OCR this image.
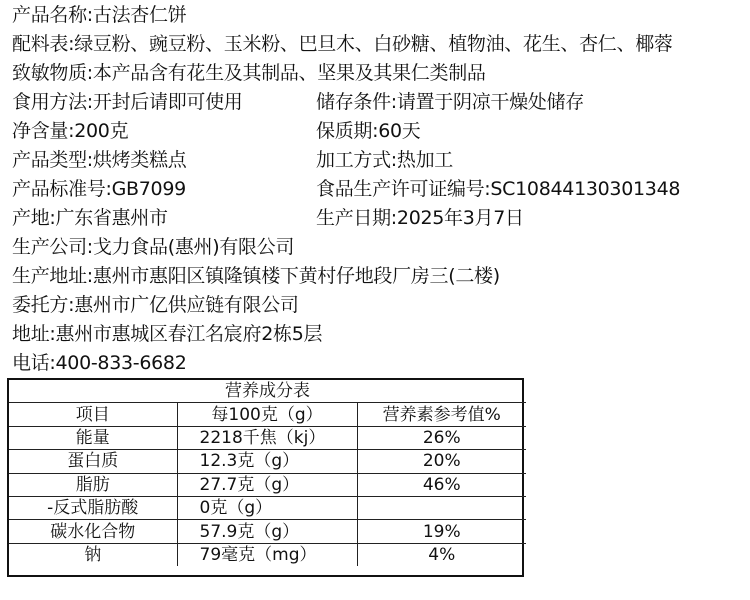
产品名称:古法杏仁饼
配料表:绿豆粉、豌豆粉、玉米粉、巴旦木、白砂糖、植物油、花生、杏仁、椰蓉
致敏物质:本产品含有花生及其制品、坚果及其果仁类制品
食用方法:开封后请即可使用	储存条件:请置于阴凉干燥处储存
净含量:200克	保质期:60天
产品类型:烘烤类糕点	加工方式:热加工
产品标准号:GB7099	食品生产许可证编号:SC10844130301348
产地:广东省惠州市	生产日期:2025年3月7日
生产公司:戈力食品(惠州)有限公司
生产地址:惠州市惠阳区镇隆镇楼下黄村仔地段厂房三(二楼)
委托方:惠州市广亿供应链有限公司
地址:惠州市惠城区春江名宸府2栋5层
电话:400-833-6682
营养成分表		
项目	每100克（g）	营养素参考值%
能量	2218千焦（kj）	26%
蛋白质	12.3克（g）	20%
脂肪	27.7克（g）	46%
-反式脂肪酸	0克（g）	
碳水化合物	57.9克（g）	19%
钠	79毫克（mg）	4%
